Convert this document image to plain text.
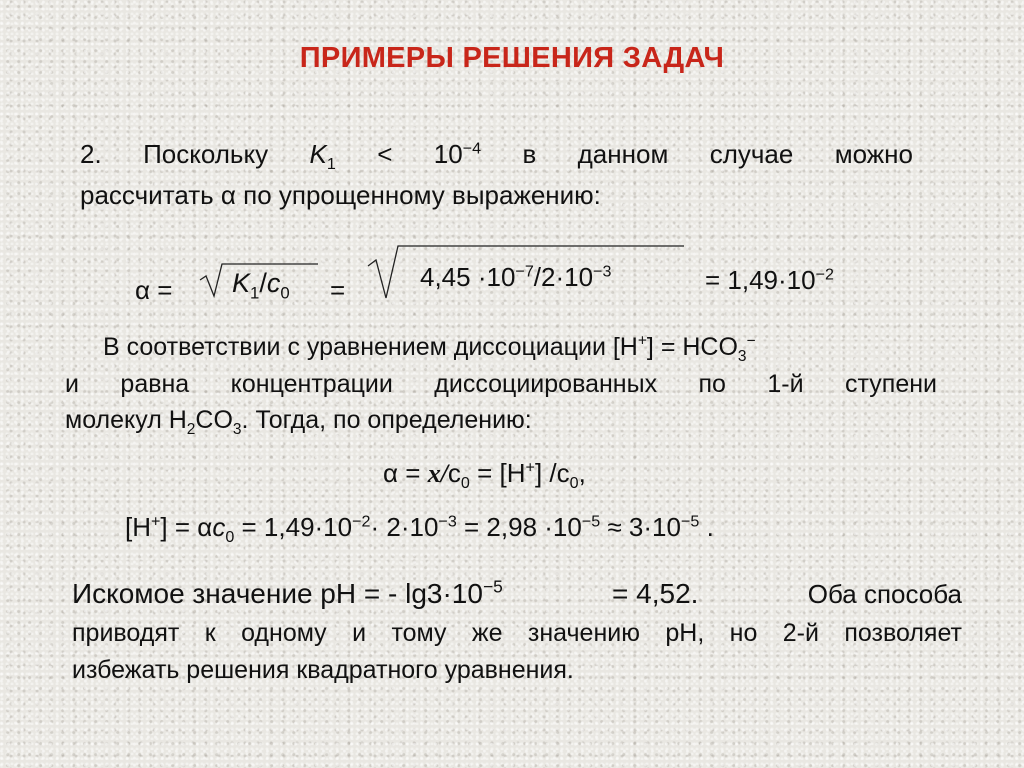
ПРИМЕРЫ РЕШЕНИЯ ЗАДАЧ
2. Поскольку $K_1 < 10^{-4}$ в данном случае можно
рассчитать α по упрощенному выражению:
$\alpha = K_1/c_0$ =	$4,45 \cdot 10^{-7}/2\cdot 10^{-3}$	= $1,49\cdot 10^{-2}$
В соответствии с уравнением диссоциации $[H^+] = HCO_3^-$
и равна концентрации диссоциированных по 1-й ступени
молекул $H_2CO_3$. Тогда, по определению:
$\alpha = x/c_0 = [H^+]$ $/c_0$,
$[H^+] = \alpha c_0 = 1,49\cdot 10^{-2}\cdot 2\cdot 10^{-3} = 2,98 \cdot 10^{-5} \approx 3\cdot 10^{-5}$ .
Искомое значение pH = - $\lg 3\cdot 10^{-5}$	= 4,52.	Оба способа
приводят к одному и тому же значению pH, но 2-й позволяет
избежать решения квадратного уравнения.
